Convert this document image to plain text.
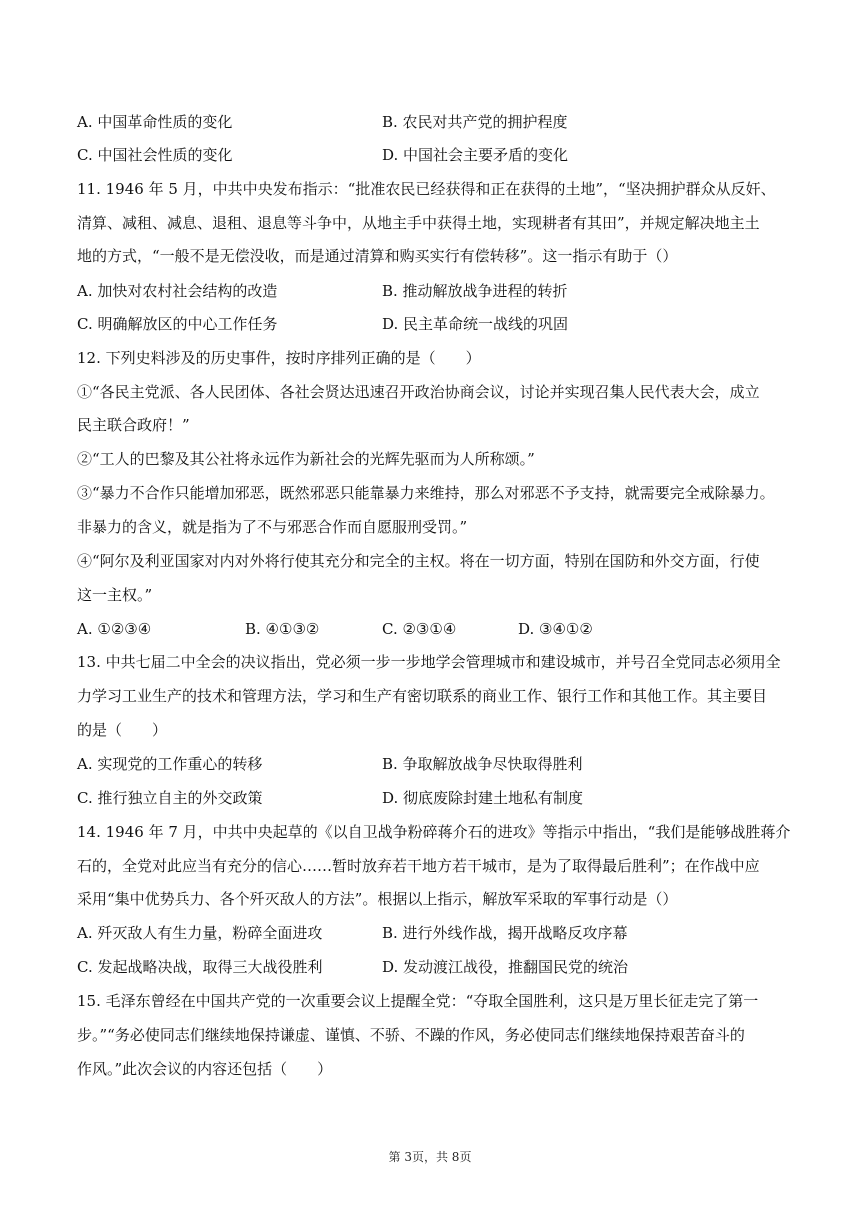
A. 中国革命性质的变化	B. 农民对共产党的拥护程度
C. 中国社会性质的变化	D. 中国社会主要矛盾的变化
11. 1946 年 5 月，中共中央发布指示：“批准农民已经获得和正在获得的土地”，“坚决拥护群众从反奸、
清算、减租、减息、退租、退息等斗争中，从地主手中获得土地，实现耕者有其田”，并规定解决地主土
地的方式，“一般不是无偿没收，而是通过清算和购买实行有偿转移”。这一指示有助于（）
A. 加快对农村社会结构的改造	B. 推动解放战争进程的转折
C. 明确解放区的中心工作任务	D. 民主革命统一战线的巩固
12. 下列史料涉及的历史事件，按时序排列正确的是（　　）
①“各民主党派、各人民团体、各社会贤达迅速召开政治协商会议，讨论并实现召集人民代表大会，成立
民主联合政府！”
②“工人的巴黎及其公社将永远作为新社会的光辉先驱而为人所称颂。”
③“暴力不合作只能增加邪恶，既然邪恶只能靠暴力来维持，那么对邪恶不予支持，就需要完全戒除暴力。
非暴力的含义，就是指为了不与邪恶合作而自愿服刑受罚。”
④“阿尔及利亚国家对内对外将行使其充分和完全的主权。将在一切方面，特别在国防和外交方面，行使
这一主权。”
A. ①②③④	B. ④①③②	C. ②③①④	D. ③④①②
13. 中共七届二中全会的决议指出，党必须一步一步地学会管理城市和建设城市，并号召全党同志必须用全
力学习工业生产的技术和管理方法，学习和生产有密切联系的商业工作、银行工作和其他工作。其主要目
的是（　　）
A. 实现党的工作重心的转移	B. 争取解放战争尽快取得胜利
C. 推行独立自主的外交政策	D. 彻底废除封建土地私有制度
14. 1946 年 7 月，中共中央起草的《以自卫战争粉碎蒋介石的进攻》等指示中指出，“我们是能够战胜蒋介
石的，全党对此应当有充分的信心……暂时放弃若干地方若干城市，是为了取得最后胜利”；在作战中应
采用“集中优势兵力、各个歼灭敌人的方法”。根据以上指示，解放军采取的军事行动是（）
A. 歼灭敌人有生力量，粉碎全面进攻	B. 进行外线作战，揭开战略反攻序幕
C. 发起战略决战，取得三大战役胜利	D. 发动渡江战役，推翻国民党的统治
15. 毛泽东曾经在中国共产党的一次重要会议上提醒全党：“夺取全国胜利，这只是万里长征走完了第一
步。”“务必使同志们继续地保持谦虚、谨慎、不骄、不躁的作风，务必使同志们继续地保持艰苦奋斗的
作风。”此次会议的内容还包括（　　）
第 3页，共 8页
